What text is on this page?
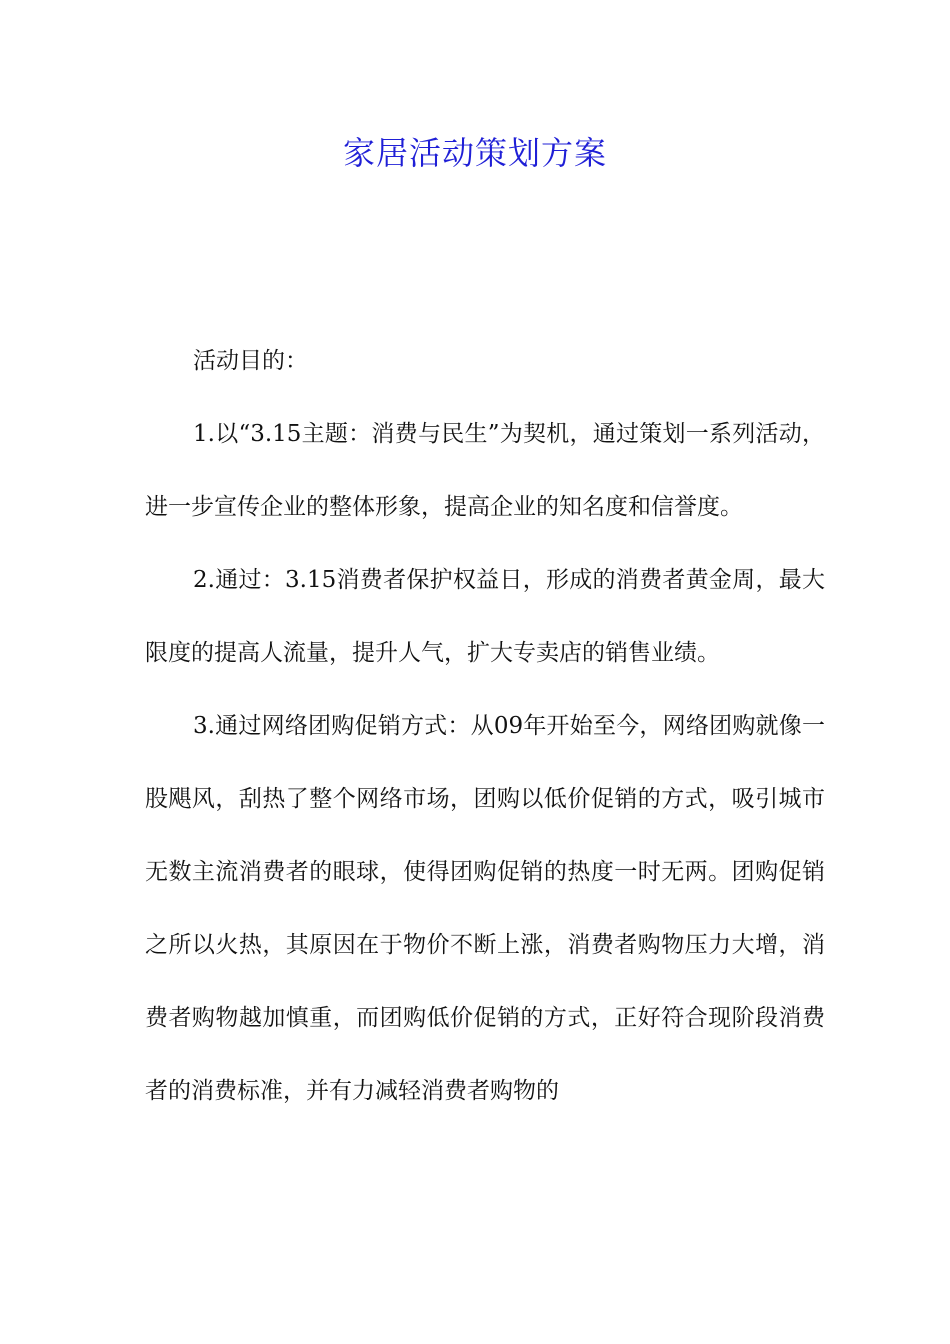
家居活动策划方案

活动目的：

1.以“3.15主题：消费与民生”为契机，通过策划一系列活动，进一步宣传企业的整体形象，提高企业的知名度和信誉度。

2.通过：3.15消费者保护权益日，形成的消费者黄金周，最大限度的提高人流量，提升人气，扩大专卖店的销售业绩。

3.通过网络团购促销方式：从09年开始至今，网络团购就像一股飓风，刮热了整个网络市场，团购以低价促销的方式，吸引城市无数主流消费者的眼球，使得团购促销的热度一时无两。团购促销之所以火热，其原因在于物价不断上涨，消费者购物压力大增，消费者购物越加慎重，而团购低价促销的方式，正好符合现阶段消费者的消费标准，并有力减轻消费者购物的
